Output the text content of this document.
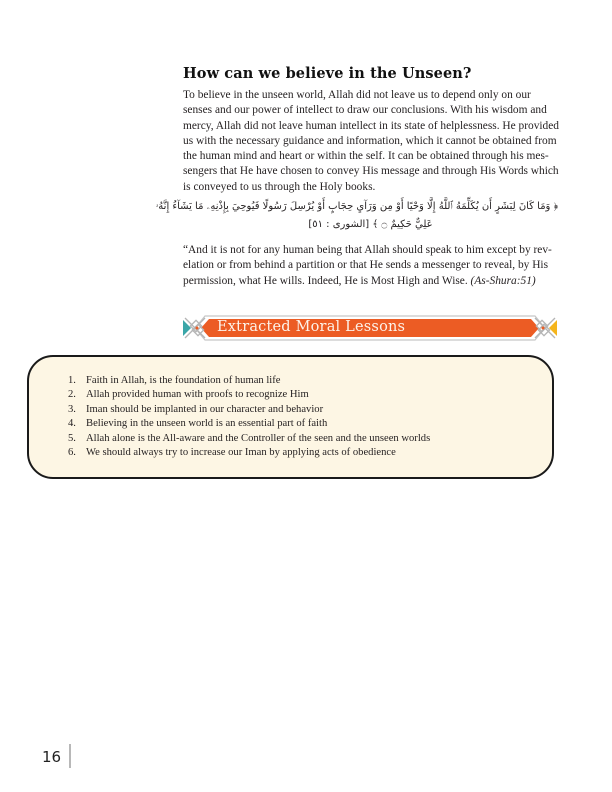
How can we believe in the Unseen?
To believe in the unseen world, Allah did not leave us to depend only on our
senses and our power of intellect to draw our conclusions. With his wisdom and
mercy, Allah did not leave human intellect in its state of helplessness. He provided
us with the necessary guidance and information, which it cannot be obtained from
the human mind and heart or within the self. It can be obtained through his mes-
sengers that He have chosen to convey His message and through His Words which
is conveyed to us through the Holy books.
﴿ وَمَا كَانَ لِبَشَرٍ أَن يُكَلِّمَهُ ٱللَّهُ إِلَّا وَحْيًا أَوْ مِن وَرَآيِ حِجَابٍ أَوْ يُرْسِلَ رَسُولًا فَيُوحِيَ بِإِذْنِهِۦ مَا يَشَآءُ إِنَّهُۥ
عَلِيٌّ حَكِيمٌ ۝ ﴾ [الشورى : ٥١]
“And it is not for any human being that Allah should speak to him except by rev-
elation or from behind a partition or that He sends a messenger to reveal, by His
permission, what He wills. Indeed, He is Most High and Wise. (As-Shura:51)
Extracted Moral Lessons
1. Faith in Allah, is the foundation of human life
2. Allah provided human with proofs to recognize Him
3. Iman should be implanted in our character and behavior
4. Believing in the unseen world is an essential part of faith
5. Allah alone is the All-aware and the Controller of the seen and the unseen worlds
6. We should always try to increase our Iman by applying acts of obedience
16
